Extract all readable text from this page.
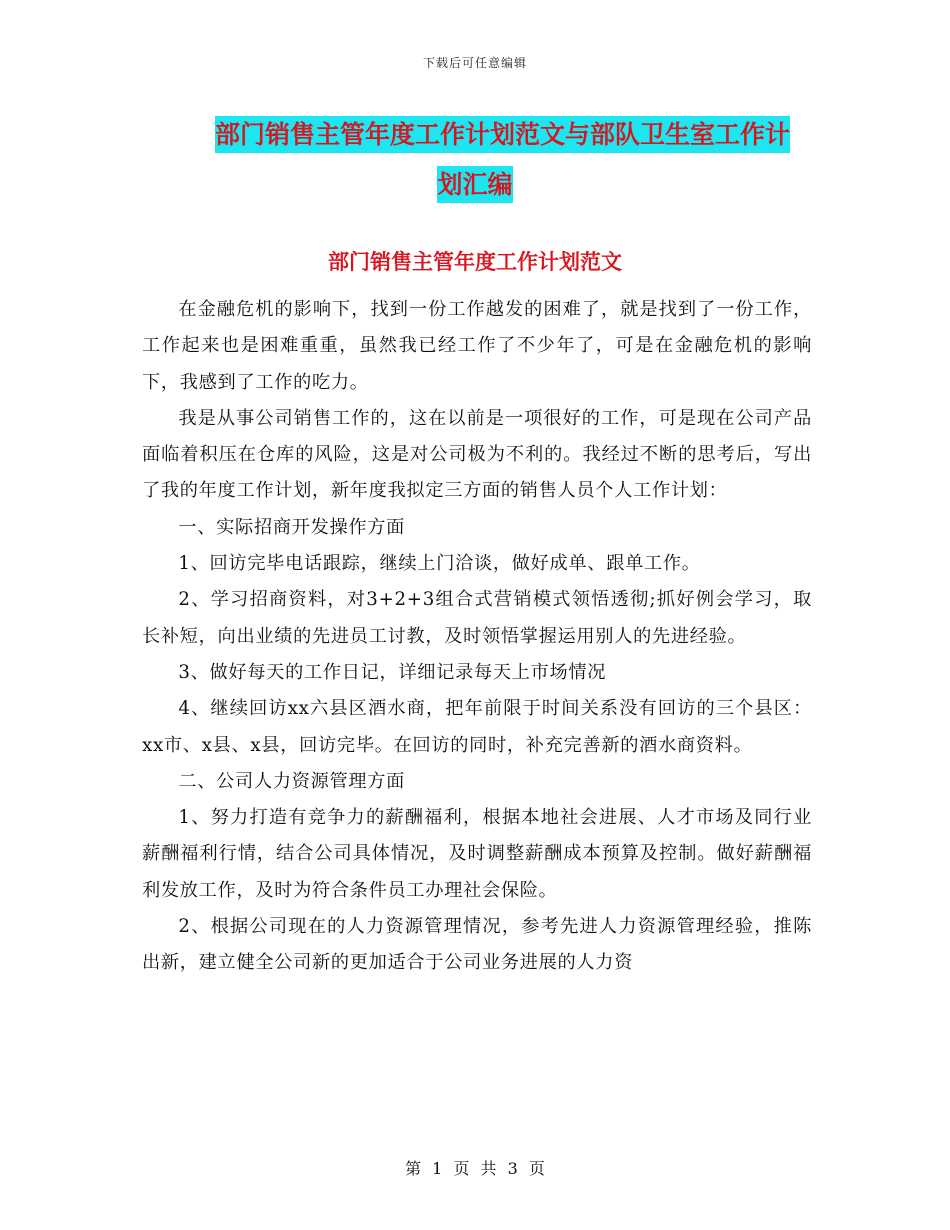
下载后可任意编辑
部门销售主管年度工作计划范文与部队卫生室工作计
划汇编
部门销售主管年度工作计划范文

在金融危机的影响下，找到一份工作越发的困难了，就是找到了一份工作，工作起来也是困难重重，虽然我已经工作了不少年了，可是在金融危机的影响下，我感到了工作的吃力。

我是从事公司销售工作的，这在以前是一项很好的工作，可是现在公司产品面临着积压在仓库的风险，这是对公司极为不利的。我经过不断的思考后，写出了我的年度工作计划，新年度我拟定三方面的销售人员个人工作计划：

一、实际招商开发操作方面

1、回访完毕电话跟踪，继续上门洽谈，做好成单、跟单工作。

2、学习招商资料，对3+2+3组合式营销模式领悟透彻;抓好例会学习，取长补短，向出业绩的先进员工讨教，及时领悟掌握运用别人的先进经验。

3、做好每天的工作日记，详细记录每天上市场情况

4、继续回访xx六县区酒水商，把年前限于时间关系没有回访的三个县区：xx市、x县、x县，回访完毕。在回访的同时，补充完善新的酒水商资料。

二、公司人力资源管理方面

1、努力打造有竞争力的薪酬福利，根据本地社会进展、人才市场及同行业薪酬福利行情，结合公司具体情况，及时调整薪酬成本预算及控制。做好薪酬福利发放工作，及时为符合条件员工办理社会保险。

2、根据公司现在的人力资源管理情况，参考先进人力资源管理经验，推陈出新，建立健全公司新的更加适合于公司业务进展的人力资

第 1 页 共 3 页
